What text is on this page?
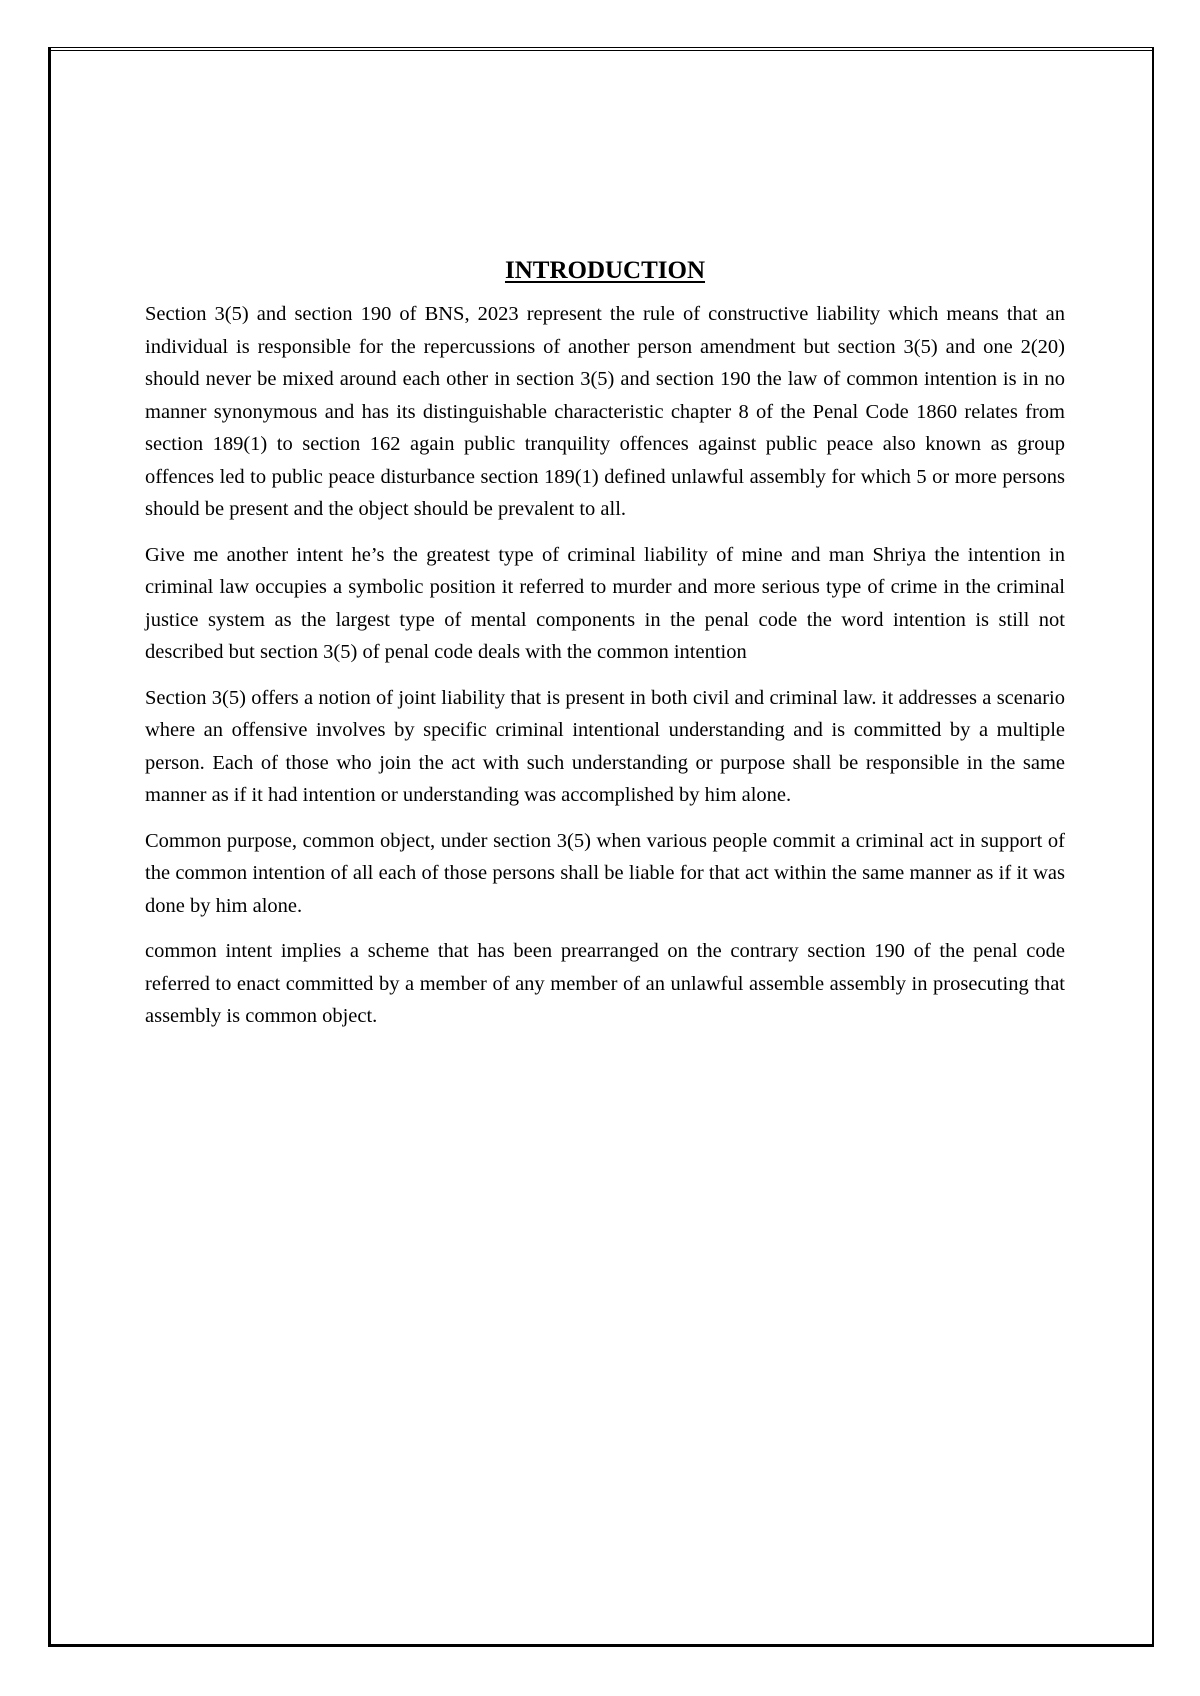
INTRODUCTION

Section 3(5) and section 190 of BNS, 2023 represent the rule of constructive liability which means that an individual is responsible for the repercussions of another person amendment but section 3(5) and one 2(20) should never be mixed around each other in section 3(5) and section 190 the law of common intention is in no manner synonymous and has its distinguishable characteristic chapter 8 of the Penal Code 1860 relates from section 189(1) to section 162 again public tranquility offences against public peace also known as group offences led to public peace disturbance section 189(1) defined unlawful assembly for which 5 or more persons should be present and the object should be prevalent to all.

Give me another intent he’s the greatest type of criminal liability of mine and man Shriya the intention in criminal law occupies a symbolic position it referred to murder and more serious type of crime in the criminal justice system as the largest type of mental components in the penal code the word intention is still not described but section 3(5) of penal code deals with the common intention

Section 3(5) offers a notion of joint liability that is present in both civil and criminal law. it addresses a scenario where an offensive involves by specific criminal intentional understanding and is committed by a multiple person. Each of those who join the act with such understanding or purpose shall be responsible in the same manner as if it had intention or understanding was accomplished by him alone.

Common purpose, common object, under section 3(5) when various people commit a criminal act in support of the common intention of all each of those persons shall be liable for that act within the same manner as if it was done by him alone.

common intent implies a scheme that has been prearranged on the contrary section 190 of the penal code referred to enact committed by a member of any member of an unlawful assemble assembly in prosecuting that assembly is common object.
